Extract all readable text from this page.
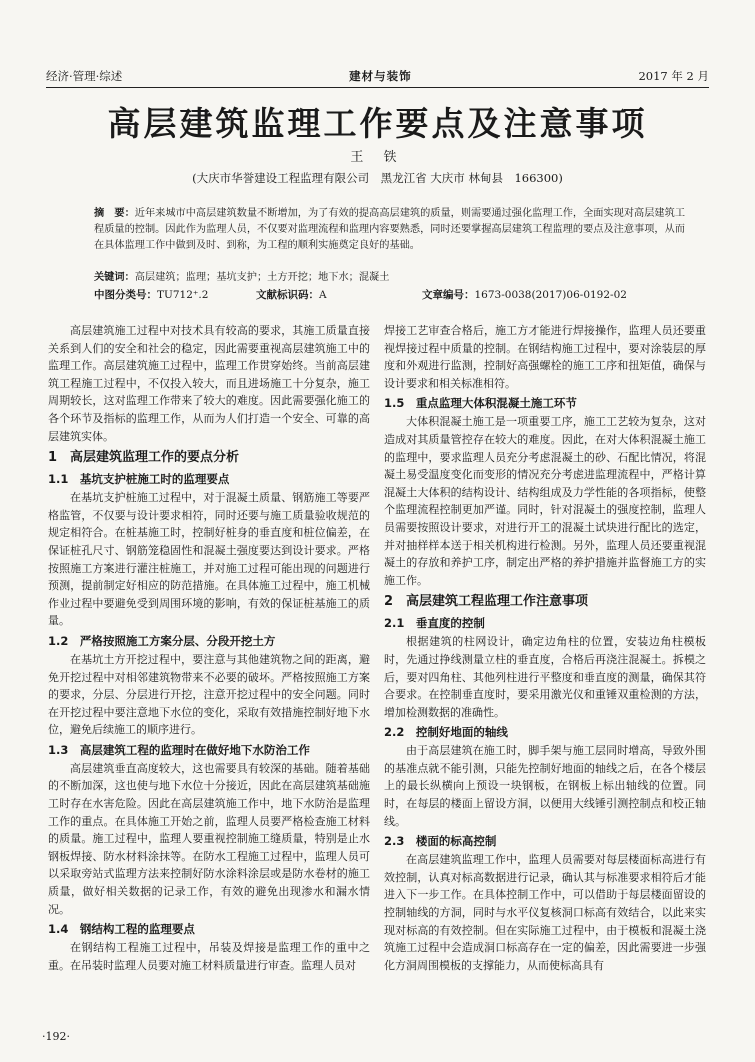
经济·管理·综述	建材与装饰	2017 年 2 月
高层建筑监理工作要点及注意事项
王 铁
(大庆市华誉建设工程监理有限公司　黑龙江省 大庆市 林甸县　166300)
摘　要：近年来城市中高层建筑数量不断增加，为了有效的提高高层建筑的质量，则需要通过强化监理工作，全面实现对高层建筑工程质量的控制。因此作为监理人员，不仅要对监理流程和监理内容要熟悉，同时还要掌握高层建筑工程监理的要点及注意事项，从而在具体监理工作中做到及时、到称，为工程的顺利实施奠定良好的基础。
关键词：高层建筑；监理；基坑支护；土方开挖；地下水；混凝土
中图分类号：TU712⁺.2	文献标识码：A	文章编号：1673-0038(2017)06-0192-02

高层建筑施工过程中对技术具有较高的要求，其施工质量直接关系到人们的安全和社会的稳定，因此需要重视高层建筑施工中的监理工作。高层建筑施工过程中，监理工作贯穿始终。当前高层建筑工程施工过程中，不仅投入较大，而且进场施工十分复杂，施工周期较长，这对监理工作带来了较大的难度。因此需要强化施工的各个环节及指标的监理工作，从而为人们打造一个安全、可靠的高层建筑实体。

1　高层建筑监理工作的要点分析
1.1　基坑支护桩施工时的监理要点

在基坑支护桩施工过程中，对于混凝土质量、钢筋施工等要严格监管，不仅要与设计要求相符，同时还要与施工质量验收规范的规定相符合。在桩基施工时，控制好桩身的垂直度和桩位偏差，在保证桩孔尺寸、钢筋笼稳固性和混凝土强度要达到设计要求。严格按照施工方案进行灌注桩施工，并对施工过程可能出现的问题进行预测，提前制定好相应的防范措施。在具体施工过程中，施工机械作业过程中要避免受到周围环境的影响，有效的保证桩基施工的质量。

1.2　严格按照施工方案分层、分段开挖土方

在基坑土方开挖过程中，要注意与其他建筑物之间的距离，避免开挖过程中对相邻建筑物带来不必要的破坏。严格按照施工方案的要求，分层、分层进行开挖，注意开挖过程中的安全问题。同时在开挖过程中要注意地下水位的变化，采取有效措施控制好地下水位，避免后续施工的顺序进行。

1.3　高层建筑工程的监理时在做好地下水防治工作

高层建筑垂直高度较大，这也需要具有较深的基础。随着基础的不断加深，这也使与地下水位十分接近，因此在高层建筑基础施工时存在水害危险。因此在高层建筑施工作中，地下水防治是监理工作的重点。在具体施工开始之前，监理人员要严格检查施工材料的质量。施工过程中，监理人要重视控制施工缝质量，特别是止水钢板焊接、防水材料涂抹等。在防水工程施工过程中，监理人员可以采取旁站式监理方法来控制好防水涂料涂层或是防水卷材的施工质量，做好相关数据的记录工作，有效的避免出现渗水和漏水情况。

1.4　钢结构工程的监理要点

在钢结构工程施工过程中，吊装及焊接是监理工作的重中之重。在吊装时监理人员要对施工材料质量进行审查。监理人员对

焊接工艺审查合格后，施工方才能进行焊接操作，监理人员还要重视焊接过程中质量的控制。在钢结构施工过程中，要对涂装层的厚度和外观进行监测，控制好高强螺栓的施工工序和扭矩值，确保与设计要求和相关标准相符。

1.5　重点监理大体积混凝土施工环节

大体积混凝土施工是一项重要工序，施工工艺较为复杂，这对造成对其质量管控存在较大的难度。因此，在对大体积混凝土施工的监理中，要求监理人员充分考虑混凝土的砂、石配比情况，将混凝土易受温度变化而变形的情况充分考虑进监理流程中，严格计算混凝土大体积的结构设计、结构组成及力学性能的各项指标，使整个监理流程控制更加严谨。同时，针对混凝土的强度控制，监理人员需要按照设计要求，对进行开工的混凝土试块进行配比的选定，并对抽样样本送于相关机构进行检测。另外，监理人员还要重视混凝土的存放和养护工序，制定出严格的养护措施并监督施工方的实施工作。

2　高层建筑工程监理工作注意事项
2.1　垂直度的控制

根据建筑的柱网设计，确定边角柱的位置，安装边角柱模板时，先通过挣线测量立柱的垂直度，合格后再浇注混凝土。拆模之后，要对四角柱、其他列柱进行平整度和垂直度的测量，确保其符合要求。在控制垂直度时，要采用激光仪和重锤双重检测的方法，增加检测数据的准确性。

2.2　控制好地面的轴线

由于高层建筑在施工时，脚手架与施工层同时增高，导致外围的基准点就不能引测，只能先控制好地面的轴线之后，在各个楼层上的最长纵横向上预设一块钢板，在钢板上标出轴线的位置。同时，在每层的楼面上留设方洞，以便用大线锤引测控制点和校正轴线。

2.3　楼面的标高控制

在高层建筑监理工作中，监理人员需要对每层楼面标高进行有效控制，认真对标高数据进行记录，确认其与标准要求相符后才能进入下一步工作。在具体控制工作中，可以借助于每层楼面留设的控制轴线的方洞，同时与水平仪复核洞口标高有效结合，以此来实现对标高的有效控制。但在实际施工过程中，由于模板和混凝土浇筑施工过程中会造成洞口标高存在一定的偏差，因此需要进一步强化方洞周围模板的支撑能力，从而使标高具有

·192·
